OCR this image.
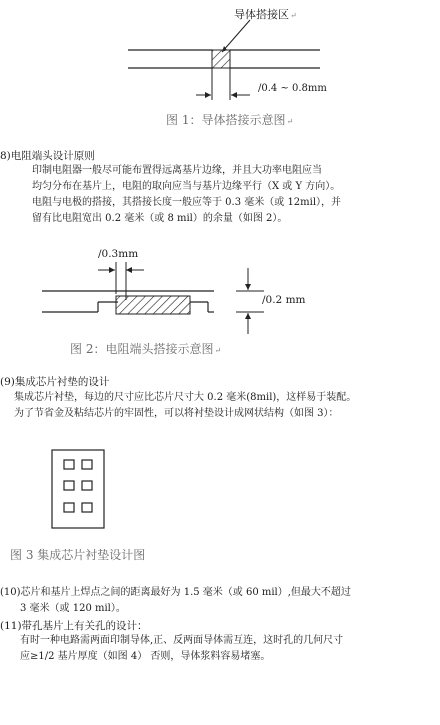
导体搭接区↵
/0.4 ~ 0.8mm
图 1：导体搭接示意图↵
8)电阻端头设计原则
印制电阻器一般尽可能布置得远离基片边缘，并且大功率电阻应当
均匀分布在基片上，电阻的取向应当与基片边缘平行（X 或 Y 方向）。
电阻与电极的搭接，其搭接长度一般应等于 0.3 毫米（或 12mil），并
留有比电阻宽出 0.2 毫米（或 8 mil）的余量（如图 2）。
/0.3mm
/0.2 mm
图 2：电阻端头搭接示意图↵
(9)集成芯片衬垫的设计
集成芯片衬垫，每边的尺寸应比芯片尺寸大 0.2 毫米(8mil)，这样易于装配。
为了节省金及粘结芯片的牢固性，可以将衬垫设计成网状结构（如图 3）：
图 3 集成芯片衬垫设计图
(10)芯片和基片上焊点之间的距离最好为 1.5 毫米（或 60 mil）,但最大不超过
3 毫米（或 120 mil）。
(11)带孔基片上有关孔的设计：
有时一种电路需两面印制导体,正、反两面导体需互连，这时孔的几何尺寸
应≥1/2 基片厚度（如图 4） 否则，导体浆料容易堵塞。
